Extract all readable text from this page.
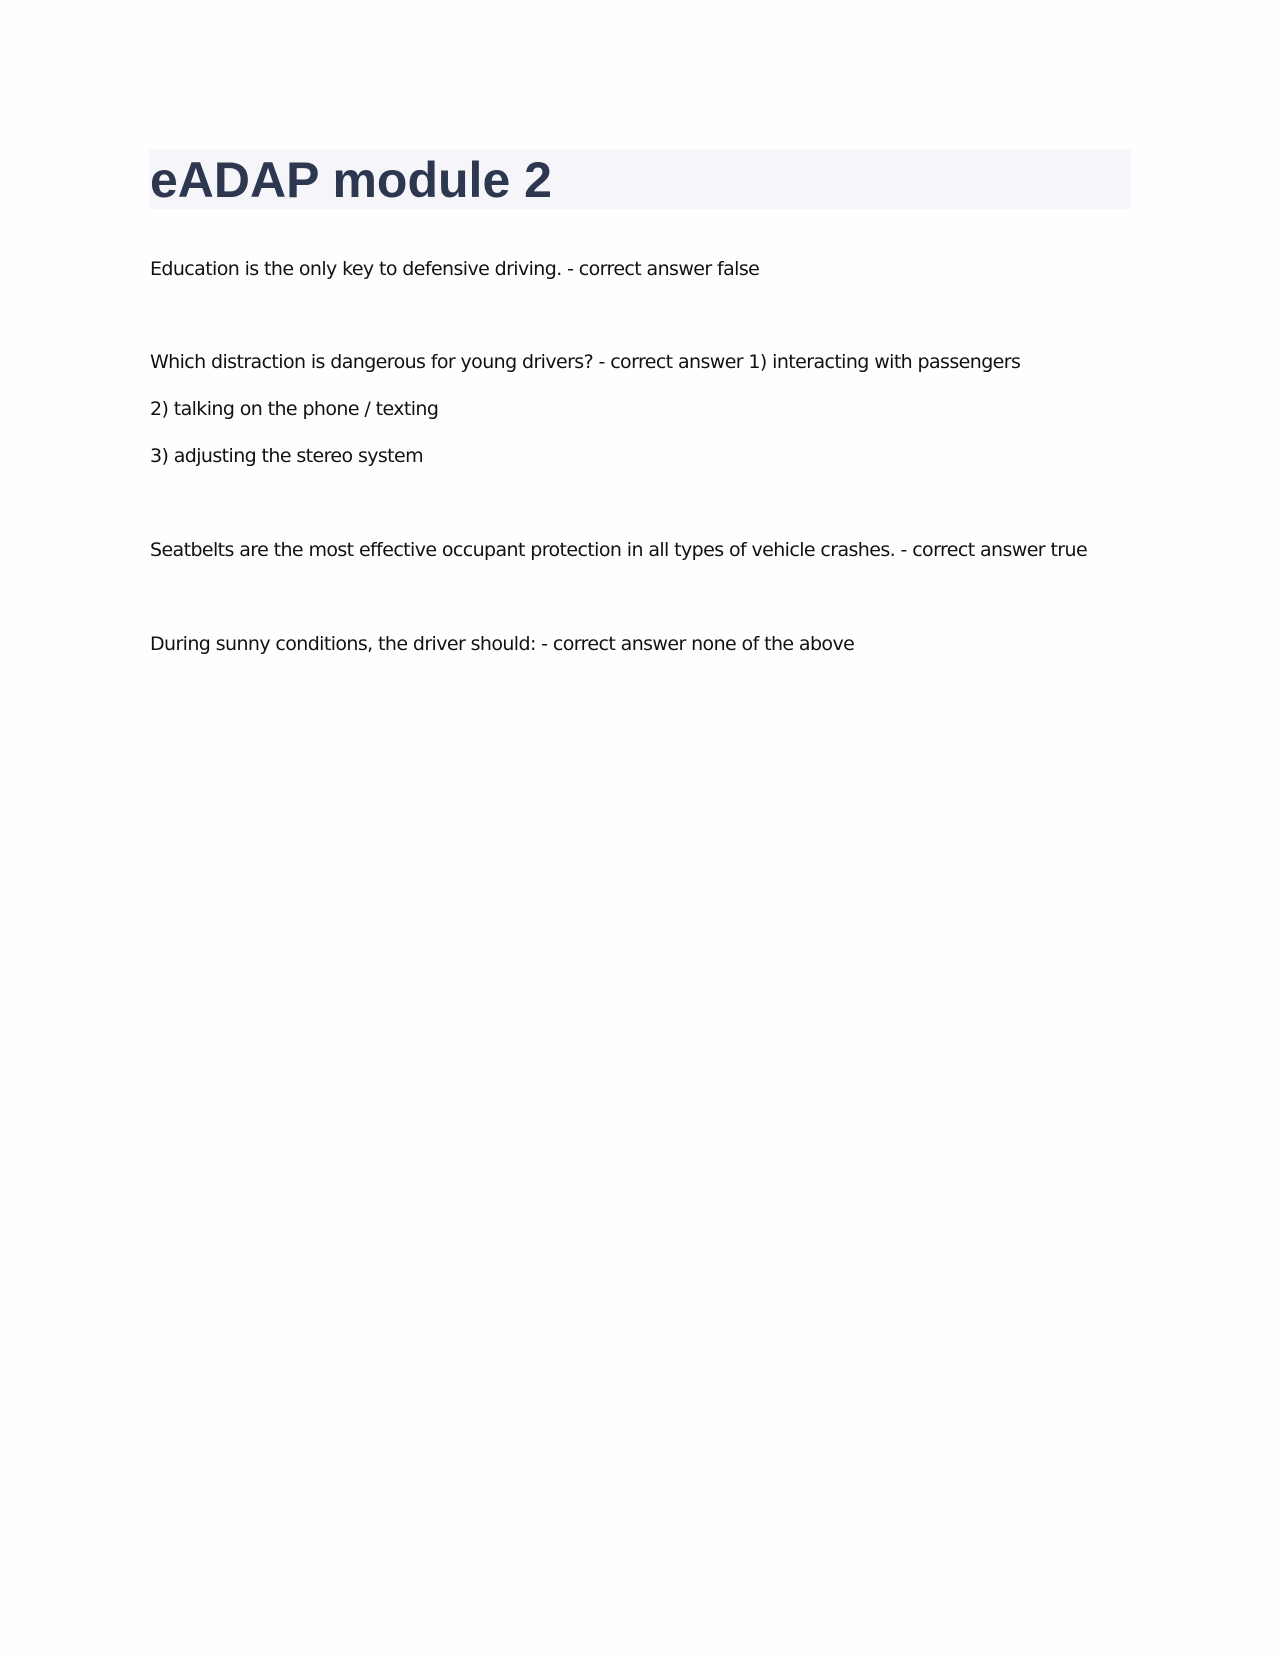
eADAP module 2

Education is the only key to defensive driving. - correct answer false

Which distraction is dangerous for young drivers? - correct answer 1) interacting with passengers

2) talking on the phone / texting

3) adjusting the stereo system

Seatbelts are the most effective occupant protection in all types of vehicle crashes. - correct answer true

During sunny conditions, the driver should: - correct answer none of the above
